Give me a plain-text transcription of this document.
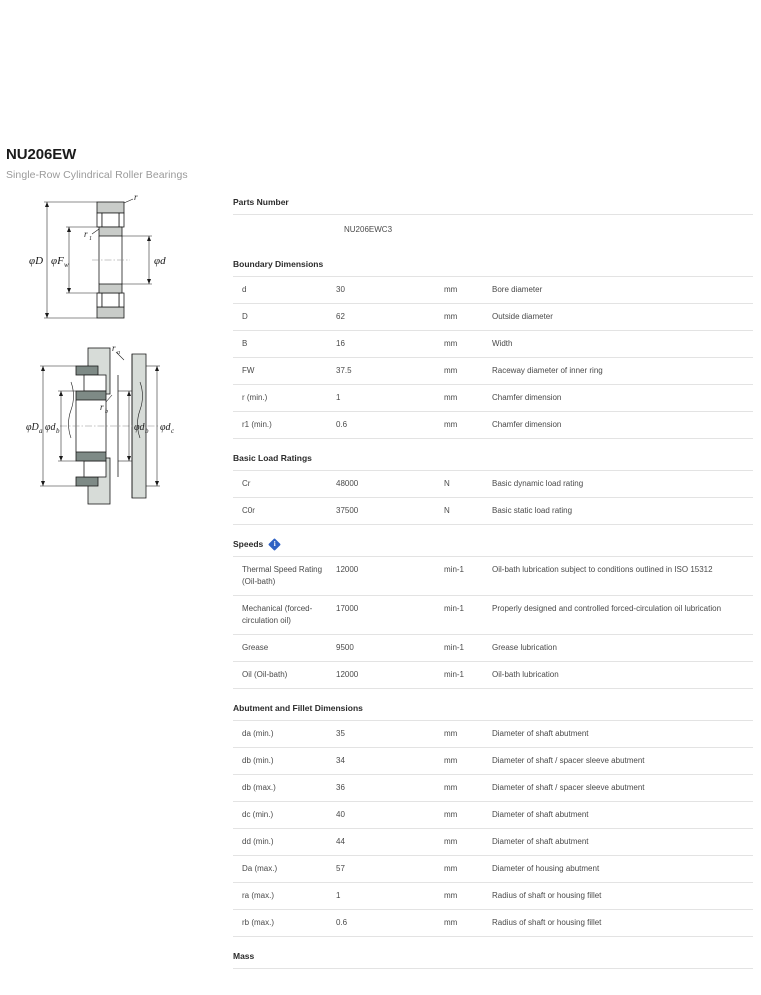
NU206EW
Single-Row Cylindrical Roller Bearings
φD φF w	φd
r
r 1
φD a φd b	φd b φd c
r a
r b
Parts Number
	NU206EWC3
Boundary Dimensions
d	30	mm	Bore diameter
D	62	mm	Outside diameter
B	16	mm	Width
FW	37.5	mm	Raceway diameter of inner ring
r (min.)	1	mm	Chamfer dimension
r1 (min.)	0.6	mm	Chamfer dimension
Basic Load Ratings
Cr	48000	N	Basic dynamic load rating
C0r	37500	N	Basic static load rating
Speeds	i
Thermal Speed Rating (Oil-bath)	12000	min-1	Oil-bath lubrication subject to conditions outlined in ISO 15312
Mechanical (forced-circulation oil)	17000	min-1	Properly designed and controlled forced-circulation oil lubrication
Grease	9500	min-1	Grease lubrication
Oil (Oil-bath)	12000	min-1	Oil-bath lubrication
Abutment and Fillet Dimensions
da (min.)	35	mm	Diameter of shaft abutment
db (min.)	34	mm	Diameter of shaft / spacer sleeve abutment
db (max.)	36	mm	Diameter of shaft / spacer sleeve abutment
dc (min.)	40	mm	Diameter of shaft abutment
dd (min.)	44	mm	Diameter of shaft abutment
Da (max.)	57	mm	Diameter of housing abutment
ra (max.)	1	mm	Radius of shaft or housing fillet
rb (max.)	0.6	mm	Radius of shaft or housing fillet
Mass
